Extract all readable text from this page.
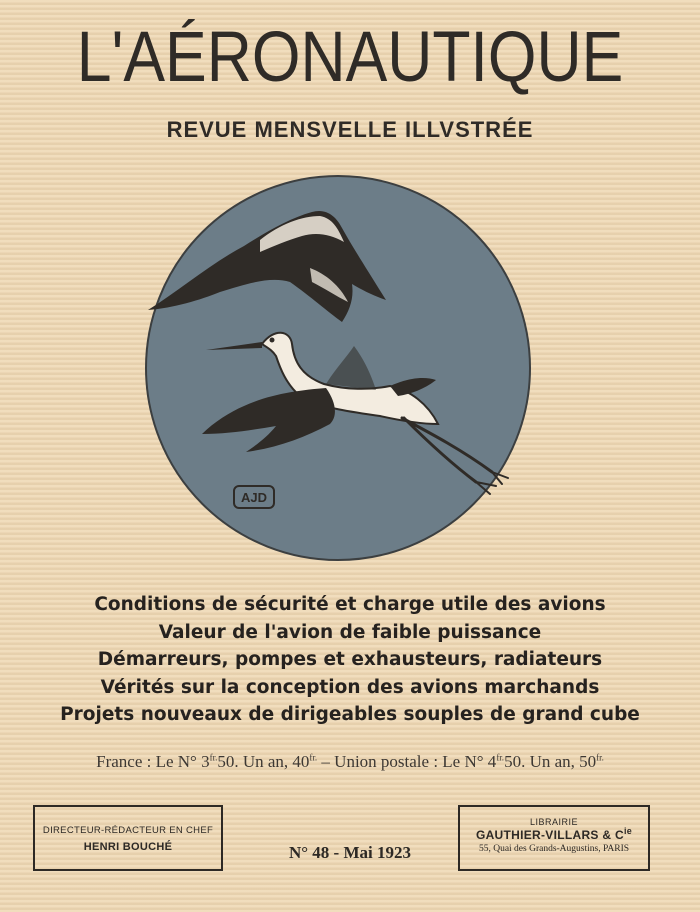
L'AÉRONAUTIQUE
REVUE MENSVELLE ILLVSTRÉE
AJD
Conditions de sécurité et charge utile des avions
Valeur de l'avion de faible puissance
Démarreurs, pompes et exhausteurs, radiateurs
Vérités sur la conception des avions marchands
Projets nouveaux de dirigeables souples de grand cube
France : Le N° $3^{fr.}50$. Un an, $40^{fr.}$ – Union postale : Le N° $4^{fr.}50$. Un an, $50^{fr.}$
DIRECTEUR-RÉDACTEUR EN CHEF
HENRI BOUCHÉ	N° 48 - Mai 1923
LIBRAIRIE
GAUTHIER-VILLARS & $C^{ie}$
55, Quai des Grands-Augustins, PARIS
